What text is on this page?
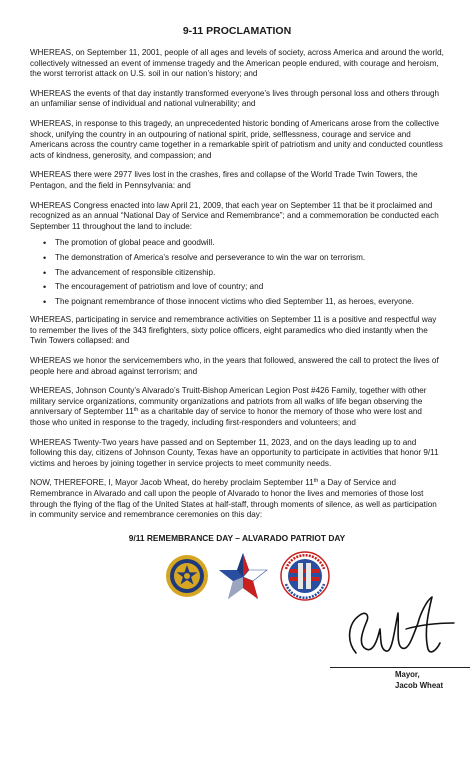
9-11 PROCLAMATION

WHEREAS, on September 11, 2001, people of all ages and levels of society, across America and around the world, collectively witnessed an event of immense tragedy and the American people endured, with courage and heroism, the worst terrorist attack on U.S. soil in our nation’s history; and

WHEREAS the events of that day instantly transformed everyone’s lives through personal loss and others through an unfamiliar sense of individual and national vulnerability; and

WHEREAS, in response to this tragedy, an unprecedented historic bonding of Americans arose from the collective shock, unifying the country in an outpouring of national spirit, pride, selflessness, courage and service and Americans across the country came together in a remarkable spirit of patriotism and unity and conducted countless acts of kindness, generosity, and compassion; and

WHEREAS there were 2977 lives lost in the crashes, fires and collapse of the World Trade Twin Towers, the Pentagon, and the field in Pennsylvania: and

WHEREAS Congress enacted into law April 21, 2009, that each year on September 11 that be it proclaimed and recognized as an annual “National Day of Service and Remembrance”; and a commemoration be conducted each September 11 throughout the land to include:

• The promotion of global peace and goodwill.
• The demonstration of America’s resolve and perseverance to win the war on terrorism.
• The advancement of responsible citizenship.
• The encouragement of patriotism and love of country; and
• The poignant remembrance of those innocent victims who died September 11, as heroes, everyone.

WHEREAS, participating in service and remembrance activities on September 11 is a positive and respectful way to remember the lives of the 343 firefighters, sixty police officers, eight paramedics who died instantly when the Twin Towers collapsed: and

WHEREAS we honor the servicemembers who, in the years that followed, answered the call to protect the lives of people here and abroad against terrorism; and

WHEREAS, Johnson County’s Alvarado’s Truitt-Bishop American Legion Post #426 Family, together with other military service organizations, community organizations and patriots from all walks of life began observing the anniversary of September 11th as a charitable day of service to honor the memory of those who were lost and those who united in response to the tragedy, including first-responders and volunteers; and

WHEREAS Twenty-Two years have passed and on September 11, 2023, and on the days leading up to and following this day, citizens of Johnson County, Texas have an opportunity to participate in activities that honor 9/11 victims and heroes by joining together in service projects to meet community needs.

NOW, THEREFORE, I, Mayor Jacob Wheat, do hereby proclaim September 11th a Day of Service and Remembrance in Alvarado and call upon the people of Alvarado to honor the lives and memories of those lost through the flying of the flag of the United States at half-staff, through moments of silence, as well as participation in community service and remembrance ceremonies on this day:

9/11 REMEMBRANCE DAY – ALVARADO PATRIOT DAY
Mayor, Jacob Wheat
